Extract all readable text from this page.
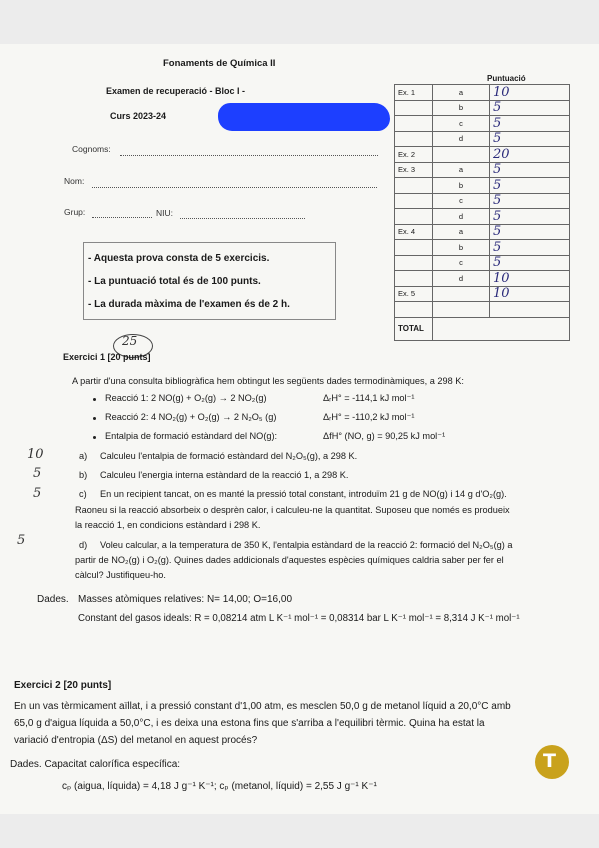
Fonaments de Química II
Examen de recuperació - Bloc I -
Curs 2023-24
Cognoms:
Nom:
Grup:	NIU:
- Aquesta prova consta de 5 exercicis.
- La puntuació total és de 100 punts.
- La durada màxima de l'examen és de 2 h.
Puntuació
Ex. 1	a	10
	b	5
	c	5
	d	5
Ex. 2		20
Ex. 3	a	5
	b	5
	c	5
	d	5
Ex. 4	a	5
	b	5
	c	5
	d	10
Ex. 5		10

TOTAL		
25
Exercici 1 [20 punts]
A partir d'una consulta bibliogràfica hem obtingut les següents dades termodinàmiques, a 298 K:
Reacció 1: 2 NO(g) + O₂(g) → 2 NO₂(g)	ΔᵣH° = -114,1 kJ mol⁻¹
Reacció 2: 4 NO₂(g) + O₂(g) → 2 N₂O₅ (g)	ΔᵣH° = -110,2 kJ mol⁻¹
Entalpia de formació estàndard del NO(g):	ΔfH° (NO, g) = 90,25 kJ mol⁻¹
10	a) Calculeu l'entalpia de formació estàndard del N₂O₅(g), a 298 K.
5	b) Calculeu l'energia interna estàndard de la reacció 1, a 298 K.
5	c) En un recipient tancat, on es manté la pressió total constant, introduïm 21 g de NO(g) i 14 g d'O₂(g).
Raoneu si la reacció absorbeix o desprèn calor, i calculeu-ne la quantitat. Suposeu que només es produeix
la reacció 1, en condicions estàndard i 298 K.
5	d) Voleu calcular, a la temperatura de 350 K, l'entalpia estàndard de la reacció 2: formació del N₂O₅(g) a
partir de NO₂(g) i O₂(g). Quines dades addicionals d'aquestes espècies químiques caldria saber per fer el
càlcul? Justifiqueu-ho.
Dades. Masses atòmiques relatives: N= 14,00; O=16,00
Constant del gasos ideals: R = 0,08214 atm L K⁻¹ mol⁻¹ = 0,08314 bar L K⁻¹ mol⁻¹ = 8,314 J K⁻¹ mol⁻¹
Exercici 2 [20 punts]
En un vas tèrmicament aïllat, i a pressió constant d'1,00 atm, es mesclen 50,0 g de metanol líquid a 20,0°C amb
65,0 g d'aigua líquida a 50,0°C, i es deixa una estona fins que s'arriba a l'equilibri tèrmic. Quina ha estat la
variació d'entropia (ΔS) del metanol en aquest procés?
Dades. Capacitat calorífica específica:
cₚ (aigua, líquida) = 4,18 J g⁻¹ K⁻¹; cₚ (metanol, líquid) = 2,55 J g⁻¹ K⁻¹
T
